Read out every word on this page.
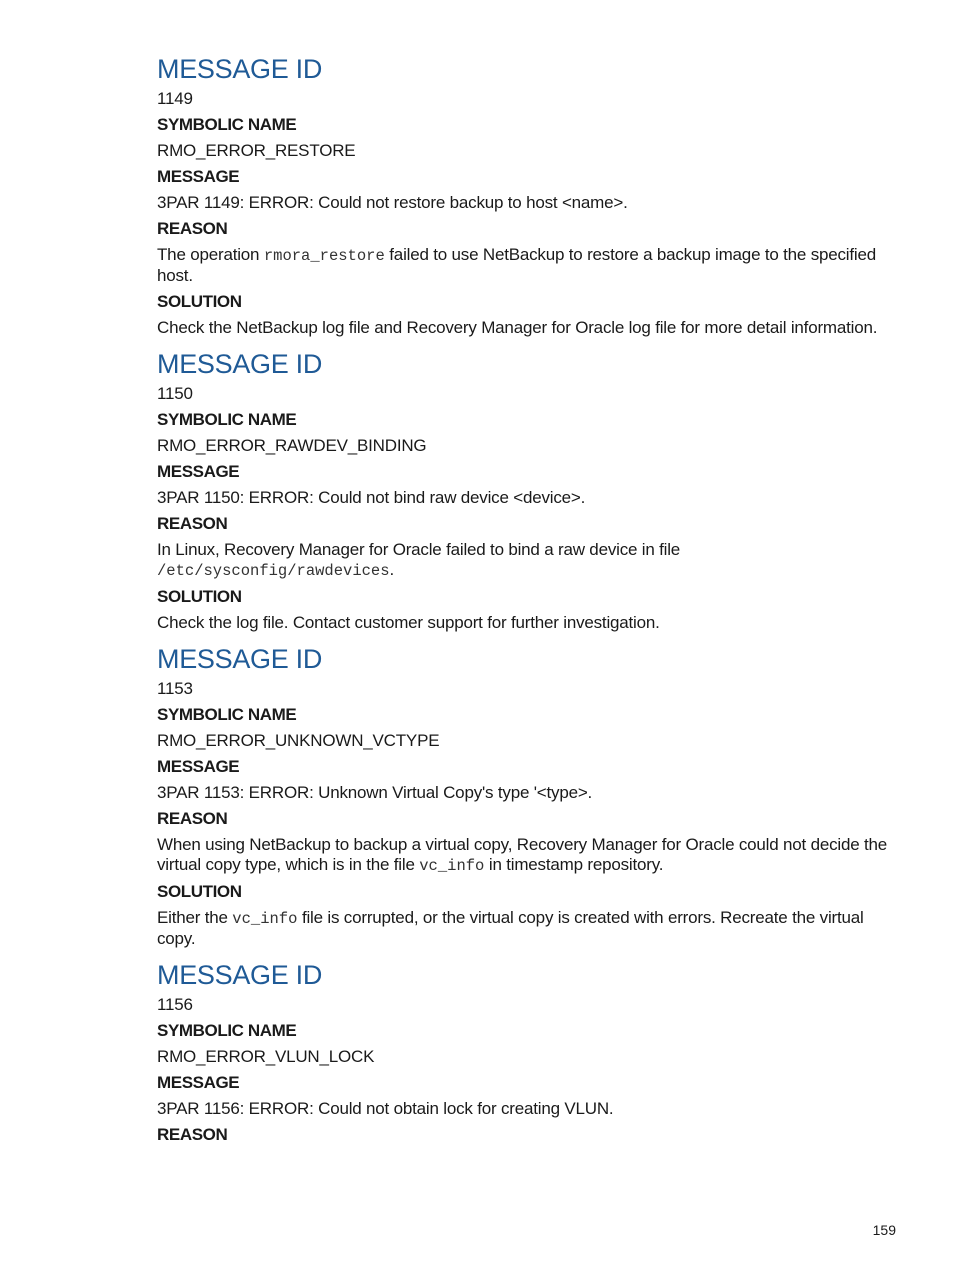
MESSAGE ID
1149
SYMBOLIC NAME
RMO_ERROR_RESTORE
MESSAGE
3PAR 1149: ERROR: Could not restore backup to host <name>.
REASON
The operation rmora_restore failed to use NetBackup to restore a backup image to the specified host.
SOLUTION
Check the NetBackup log file and Recovery Manager for Oracle log file for more detail information.
MESSAGE ID
1150
SYMBOLIC NAME
RMO_ERROR_RAWDEV_BINDING
MESSAGE
3PAR 1150: ERROR: Could not bind raw device <device>.
REASON
In Linux, Recovery Manager for Oracle failed to bind a raw device in file
/etc/sysconfig/rawdevices.
SOLUTION
Check the log file. Contact customer support for further investigation.
MESSAGE ID
1153
SYMBOLIC NAME
RMO_ERROR_UNKNOWN_VCTYPE
MESSAGE
3PAR 1153: ERROR: Unknown Virtual Copy's type '<type>.
REASON
When using NetBackup to backup a virtual copy, Recovery Manager for Oracle could not decide the virtual copy type, which is in the file vc_info in timestamp repository.
SOLUTION
Either the vc_info file is corrupted, or the virtual copy is created with errors. Recreate the virtual copy.
MESSAGE ID
1156
SYMBOLIC NAME
RMO_ERROR_VLUN_LOCK
MESSAGE
3PAR 1156: ERROR: Could not obtain lock for creating VLUN.
REASON
159
